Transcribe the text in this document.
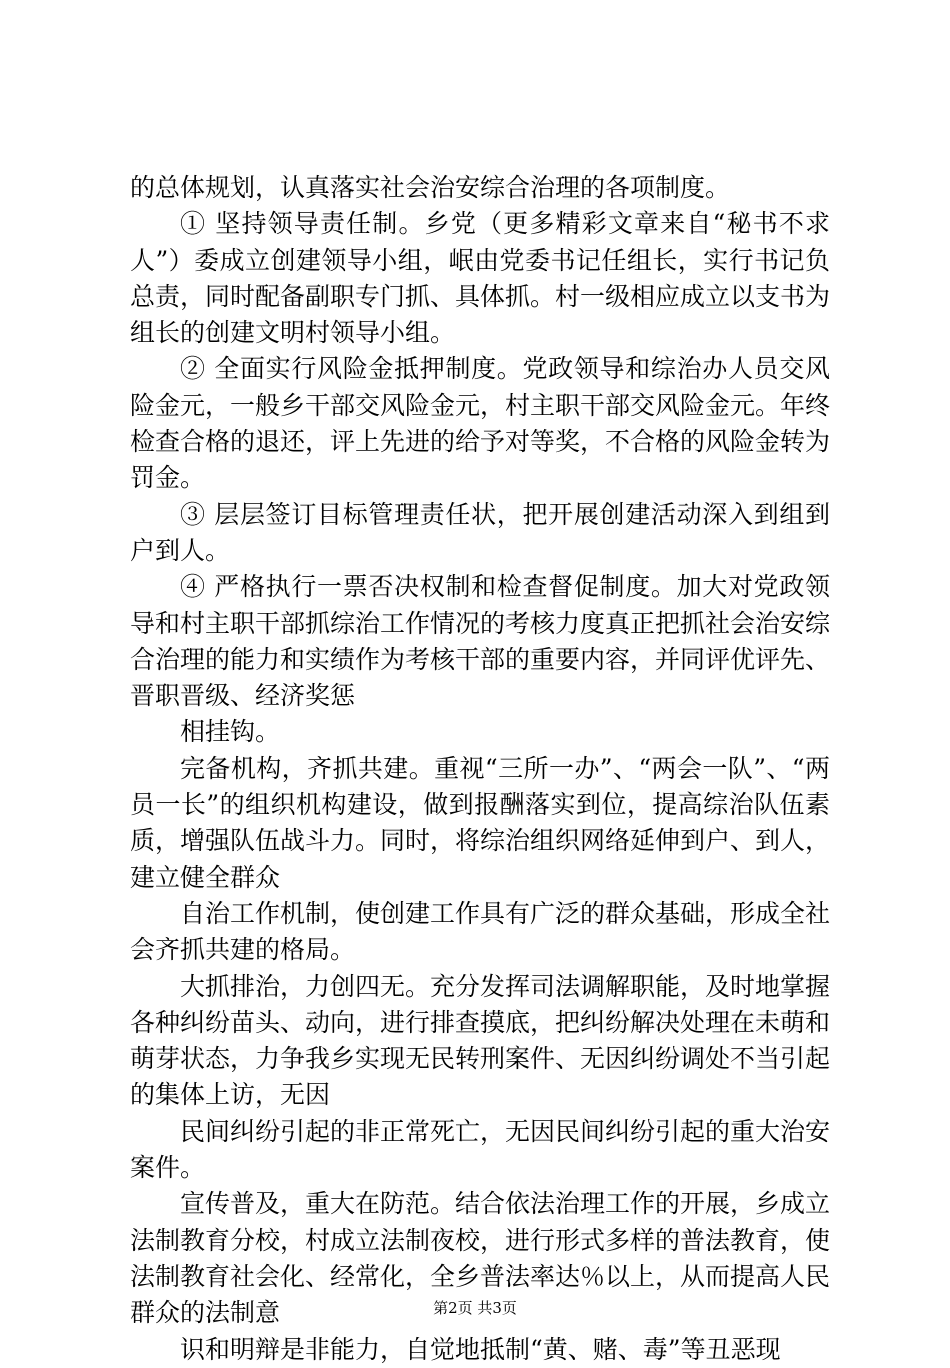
的总体规划，认真落实社会治安综合治理的各项制度。

① 坚持领导责任制。乡党（更多精彩文章来自“秘书不求人”）委成立创建领导小组，岷由党委书记任组长，实行书记负总责，同时配备副职专门抓、具体抓。村一级相应成立以支书为组长的创建文明村领导小组。

② 全面实行风险金抵押制度。党政领导和综治办人员交风险金元，一般乡干部交风险金元，村主职干部交风险金元。年终检查合格的退还，评上先进的给予对等奖，不合格的风险金转为罚金。

③ 层层签订目标管理责任状，把开展创建活动深入到组到户到人。

④ 严格执行一票否决权制和检查督促制度。加大对党政领导和村主职干部抓综治工作情况的考核力度真正把抓社会治安综合治理的能力和实绩作为考核干部的重要内容，并同评优评先、晋职晋级、经济奖惩

相挂钩。

完备机构，齐抓共建。重视“三所一办”、“两会一队”、“两员一长”的组织机构建设，做到报酬落实到位，提高综治队伍素质，增强队伍战斗力。同时，将综治组织网络延伸到户、到人，建立健全群众

自治工作机制，使创建工作具有广泛的群众基础，形成全社会齐抓共建的格局。

大抓排治，力创四无。充分发挥司法调解职能，及时地掌握各种纠纷苗头、动向，进行排查摸底，把纠纷解决处理在未萌和萌芽状态，力争我乡实现无民转刑案件、无因纠纷调处不当引起的集体上访，无因

民间纠纷引起的非正常死亡，无因民间纠纷引起的重大治安案件。

宣传普及，重大在防范。结合依法治理工作的开展，乡成立法制教育分校，村成立法制夜校，进行形式多样的普法教育，使法制教育社会化、经常化，全乡普法率达％以上，从而提高人民群众的法制意

识和明辩是非能力，自觉地抵制“黄、赌、毒”等丑恶现

第2页 共3页
